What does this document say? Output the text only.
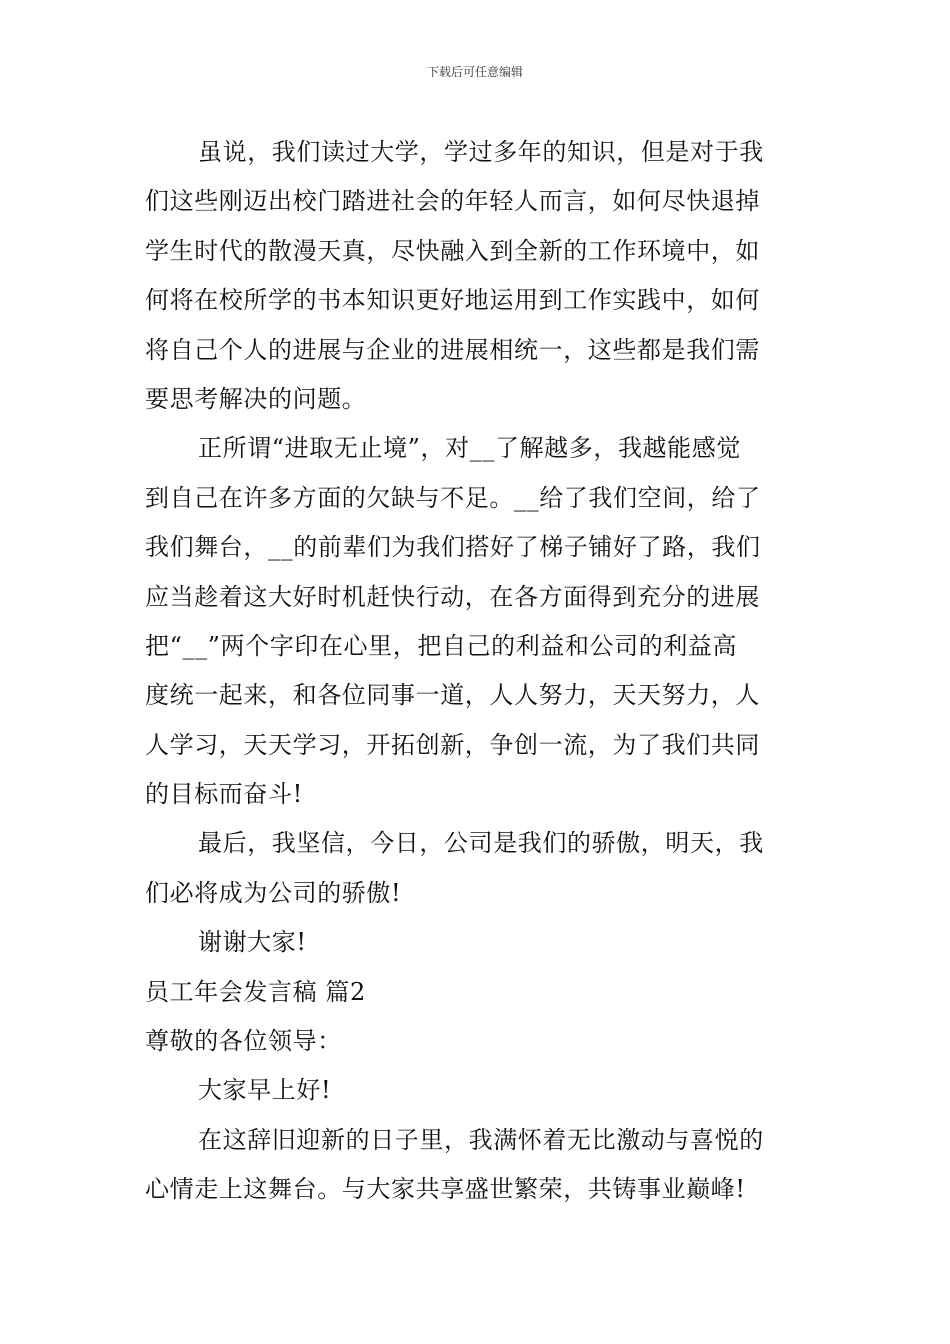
下载后可任意编辑
虽说，我们读过大学，学过多年的知识，但是对于我
们这些刚迈出校门踏进社会的年轻人而言，如何尽快退掉
学生时代的散漫天真，尽快融入到全新的工作环境中，如
何将在校所学的书本知识更好地运用到工作实践中，如何
将自己个人的进展与企业的进展相统一，这些都是我们需
要思考解决的问题。
正所谓“进取无止境”，对__了解越多，我越能感觉
到自己在许多方面的欠缺与不足。__给了我们空间，给了
我们舞台，__的前辈们为我们搭好了梯子铺好了路，我们
应当趁着这大好时机赶快行动，在各方面得到充分的进展
把“__”两个字印在心里，把自己的利益和公司的利益高
度统一起来，和各位同事一道，人人努力，天天努力，人
人学习，天天学习，开拓创新，争创一流，为了我们共同
的目标而奋斗!
最后，我坚信，今日，公司是我们的骄傲，明天，我
们必将成为公司的骄傲!
谢谢大家!
员工年会发言稿 篇2
尊敬的各位领导：
大家早上好!
在这辞旧迎新的日子里，我满怀着无比激动与喜悦的
心情走上这舞台。与大家共享盛世繁荣，共铸事业巅峰!
